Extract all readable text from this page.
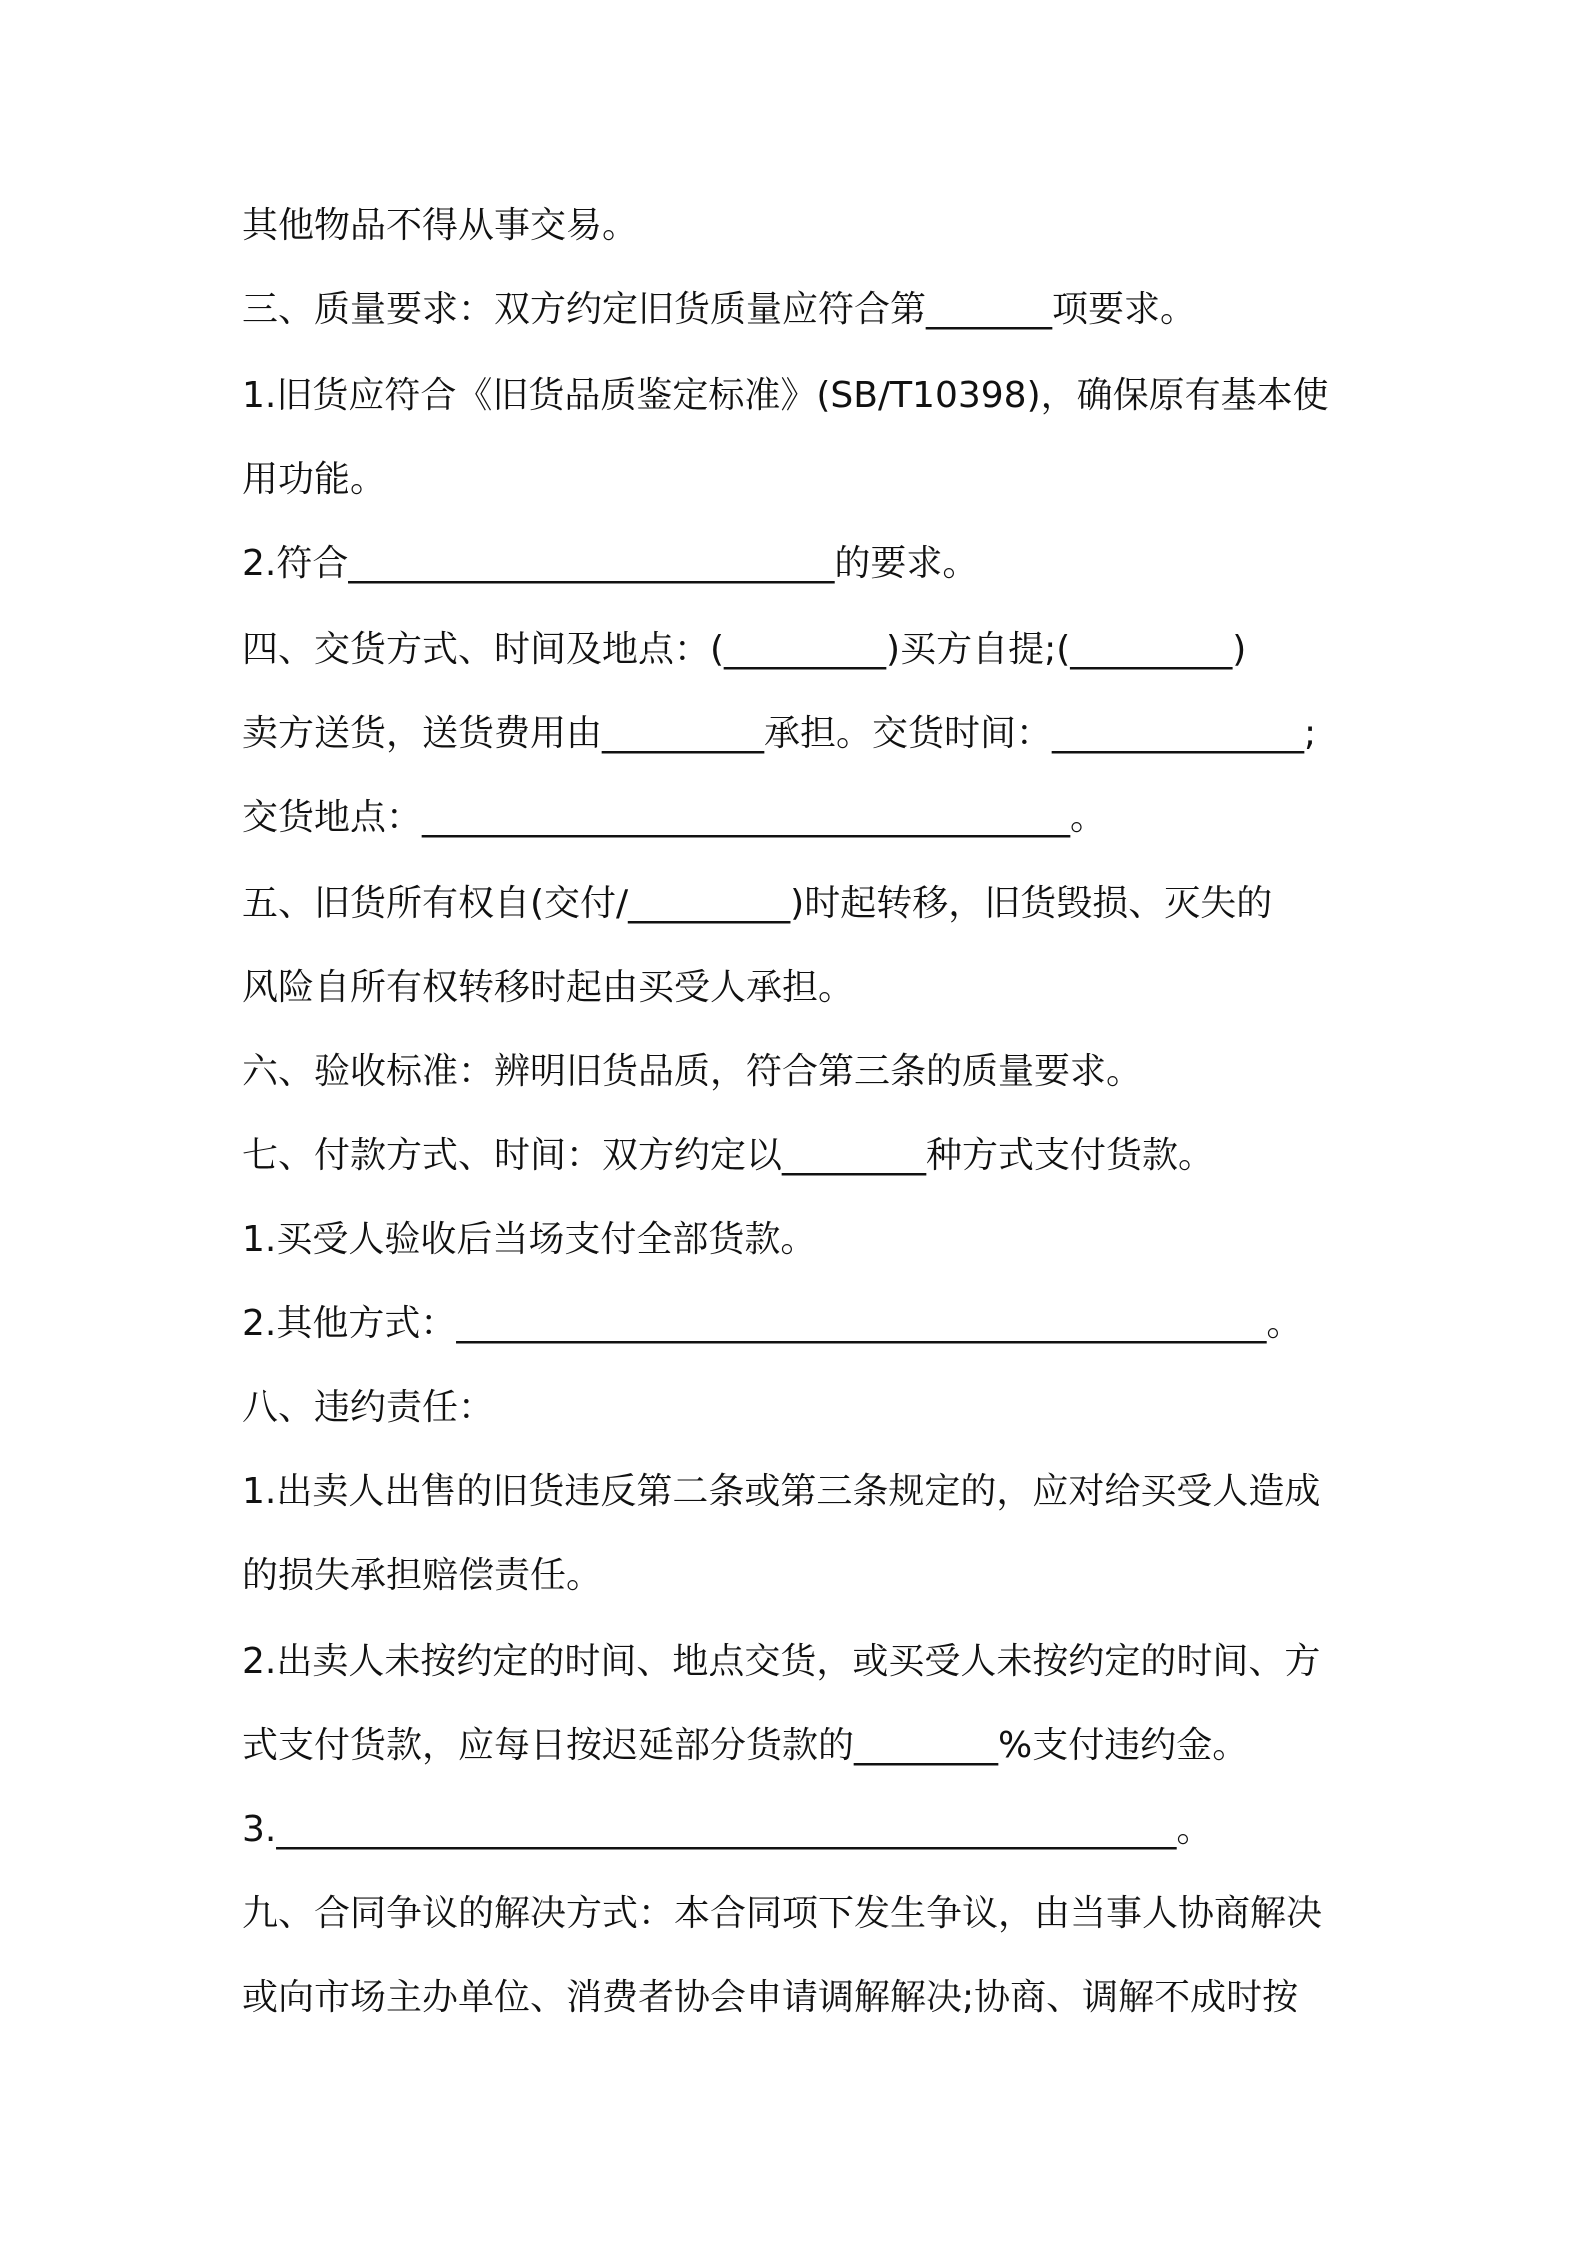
其他物品不得从事交易。
三、质量要求：双方约定旧货质量应符合第_______项要求。
1.旧货应符合《旧货品质鉴定标准》(SB/T10398)，确保原有基本使
用功能。
2.符合___________________________的要求。
四、交货方式、时间及地点：(_________)买方自提;(_________)
卖方送货，送货费用由_________承担。交货时间：______________;
交货地点：____________________________________。
五、旧货所有权自(交付/_________)时起转移，旧货毁损、灭失的
风险自所有权转移时起由买受人承担。
六、验收标准：辨明旧货品质，符合第三条的质量要求。
七、付款方式、时间：双方约定以________种方式支付货款。
1.买受人验收后当场支付全部货款。
2.其他方式：_____________________________________________。
八、违约责任：
1.出卖人出售的旧货违反第二条或第三条规定的，应对给买受人造成
的损失承担赔偿责任。
2.出卖人未按约定的时间、地点交货，或买受人未按约定的时间、方
式支付货款，应每日按迟延部分货款的________%支付违约金。
3.__________________________________________________。
九、合同争议的解决方式：本合同项下发生争议，由当事人协商解决
或向市场主办单位、消费者协会申请调解解决;协商、调解不成时按
